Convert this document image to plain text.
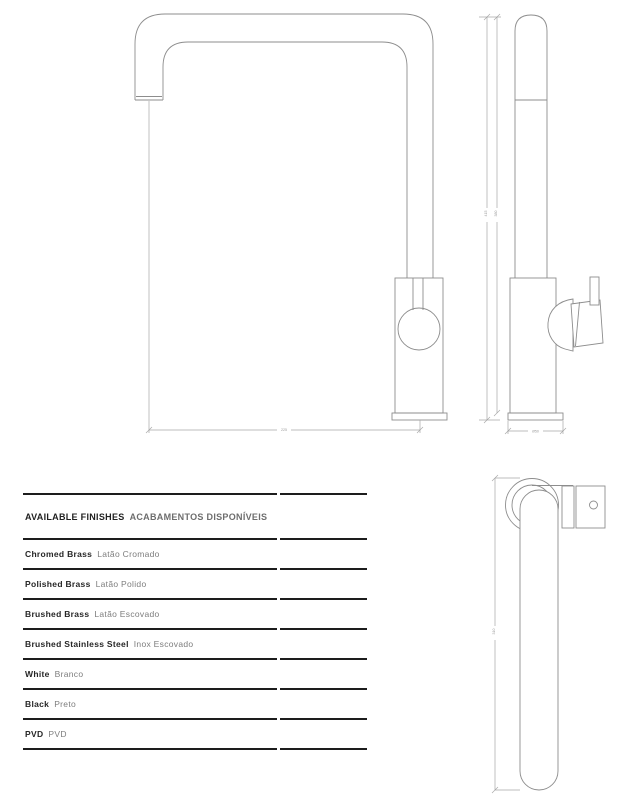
225
415 380
Ø50
310
AVAILABLE FINISHES ACABAMENTOS DISPONÍVEIS
Chromed Brass Latão Cromado
Polished Brass Latão Polido
Brushed Brass Latão Escovado
Brushed Stainless Steel Inox Escovado
White Branco
Black Preto
PVD PVD
